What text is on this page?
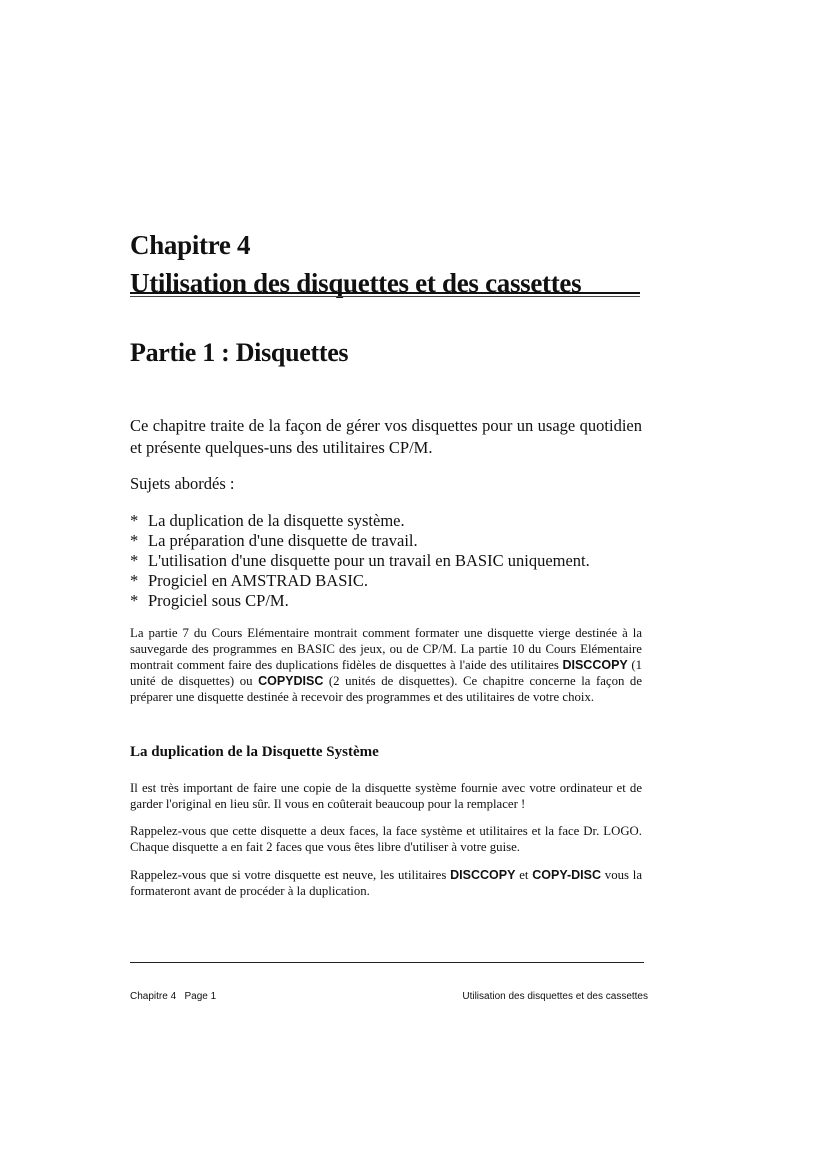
Chapitre 4
Utilisation des disquettes et des cassettes
Partie 1 : Disquettes
Ce chapitre traite de la façon de gérer vos disquettes pour un usage quotidien et présente quelques-uns des utilitaires CP/M.
Sujets abordés :
* La duplication de la disquette système.
* La préparation d'une disquette de travail.
* L'utilisation d'une disquette pour un travail en BASIC uniquement.
* Progiciel en AMSTRAD BASIC.
* Progiciel sous CP/M.
La partie 7 du Cours Elémentaire montrait comment formater une disquette vierge destinée à la sauvegarde des programmes en BASIC des jeux, ou de CP/M. La partie 10 du Cours Elémentaire montrait comment faire des duplications fidèles de disquettes à l'aide des utilitaires DISCCOPY (1 unité de disquettes) ou COPYDISC (2 unités de disquettes). Ce chapitre concerne la façon de préparer une disquette destinée à recevoir des programmes et des utilitaires de votre choix.
La duplication de la Disquette Système
Il est très important de faire une copie de la disquette système fournie avec votre ordinateur et de garder l'original en lieu sûr. Il vous en coûterait beaucoup pour la remplacer !
Rappelez-vous que cette disquette a deux faces, la face système et utilitaires et la face Dr. LOGO. Chaque disquette a en fait 2 faces que vous êtes libre d'utiliser à votre guise.
Rappelez-vous que si votre disquette est neuve, les utilitaires DISCCOPY et COPY-DISC vous la formateront avant de procéder à la duplication.
Chapitre 4   Page 1	Utilisation des disquettes et des cassettes
